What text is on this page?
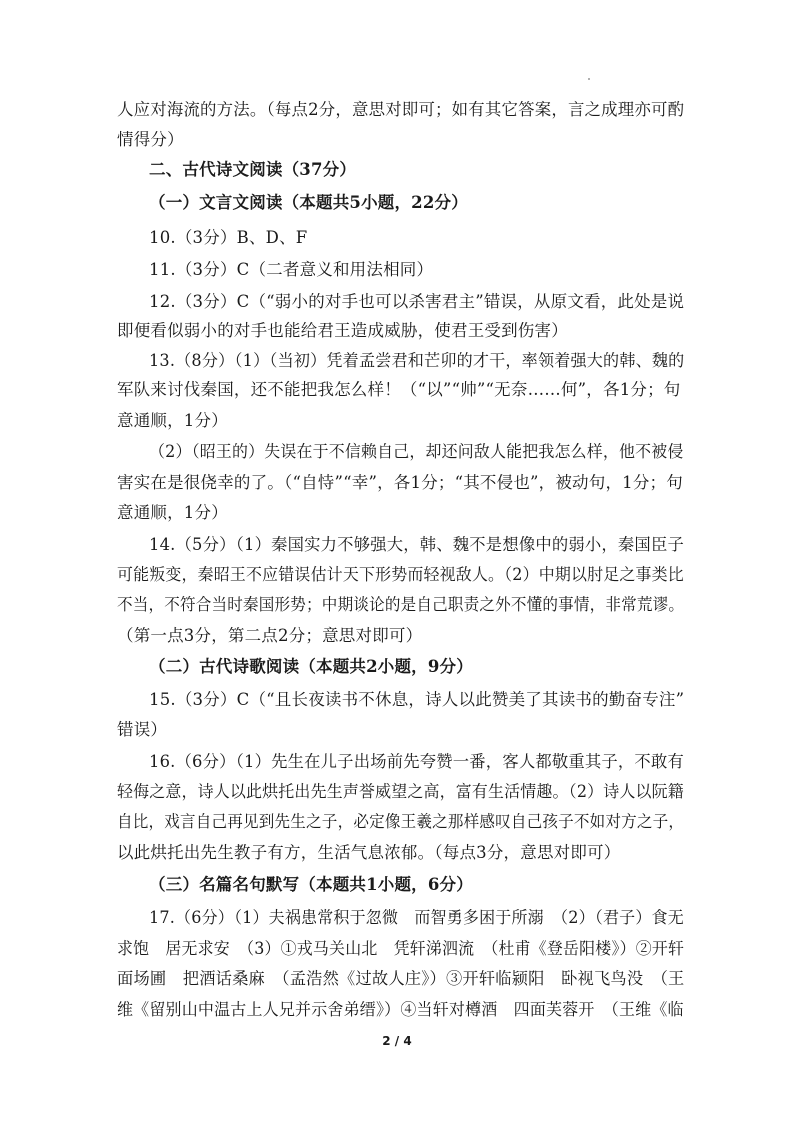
人应对海流的方法。（每点2分，意思对即可；如有其它答案，言之成理亦可酌
情得分）
二、古代诗文阅读（37分）
（一）文言文阅读（本题共5小题，22分）
10.（3分）B、D、F
11.（3分）C（二者意义和用法相同）
12.（3分）C（“弱小的对手也可以杀害君主”错误，从原文看，此处是说
即便看似弱小的对手也能给君王造成威胁，使君王受到伤害）
13.（8分）（1）（当初）凭着孟尝君和芒卯的才干，率领着强大的韩、魏的
军队来讨伐秦国，还不能把我怎么样！（“以”“帅”“无奈……何”，各1分；句
意通顺，1分）
（2）（昭王的）失误在于不信赖自己，却还问敌人能把我怎么样，他不被侵
害实在是很侥幸的了。（“自恃”“幸”，各1分；“其不侵也”，被动句，1分；句
意通顺，1分）
14.（5分）（1）秦国实力不够强大，韩、魏不是想像中的弱小，秦国臣子
可能叛变，秦昭王不应错误估计天下形势而轻视敌人。（2）中期以肘足之事类比
不当，不符合当时秦国形势；中期谈论的是自己职责之外不懂的事情，非常荒谬。
（第一点3分，第二点2分；意思对即可）
（二）古代诗歌阅读（本题共2小题，9分）
15.（3分）C（“且长夜读书不休息，诗人以此赞美了其读书的勤奋专注”
错误）
16.（6分）（1）先生在儿子出场前先夸赞一番，客人都敬重其子，不敢有
轻侮之意，诗人以此烘托出先生声誉威望之高，富有生活情趣。（2）诗人以阮籍
自比，戏言自己再见到先生之子，必定像王羲之那样感叹自己孩子不如对方之子，
以此烘托出先生教子有方，生活气息浓郁。（每点3分，意思对即可）
（三）名篇名句默写（本题共1小题，6分）
17.（6分）（1）夫祸患常积于忽微　而智勇多困于所溺　（2）（君子）食无
求饱　居无求安　（3）①戎马关山北　凭轩涕泗流　（杜甫《登岳阳楼》）②开轩
面场圃　把酒话桑麻　（孟浩然《过故人庄》）③开轩临颍阳　卧视飞鸟没　（王
维《留别山中温古上人兄并示舍弟缙》）④当轩对樽酒　四面芙蓉开　（王维《临
2 / 4
